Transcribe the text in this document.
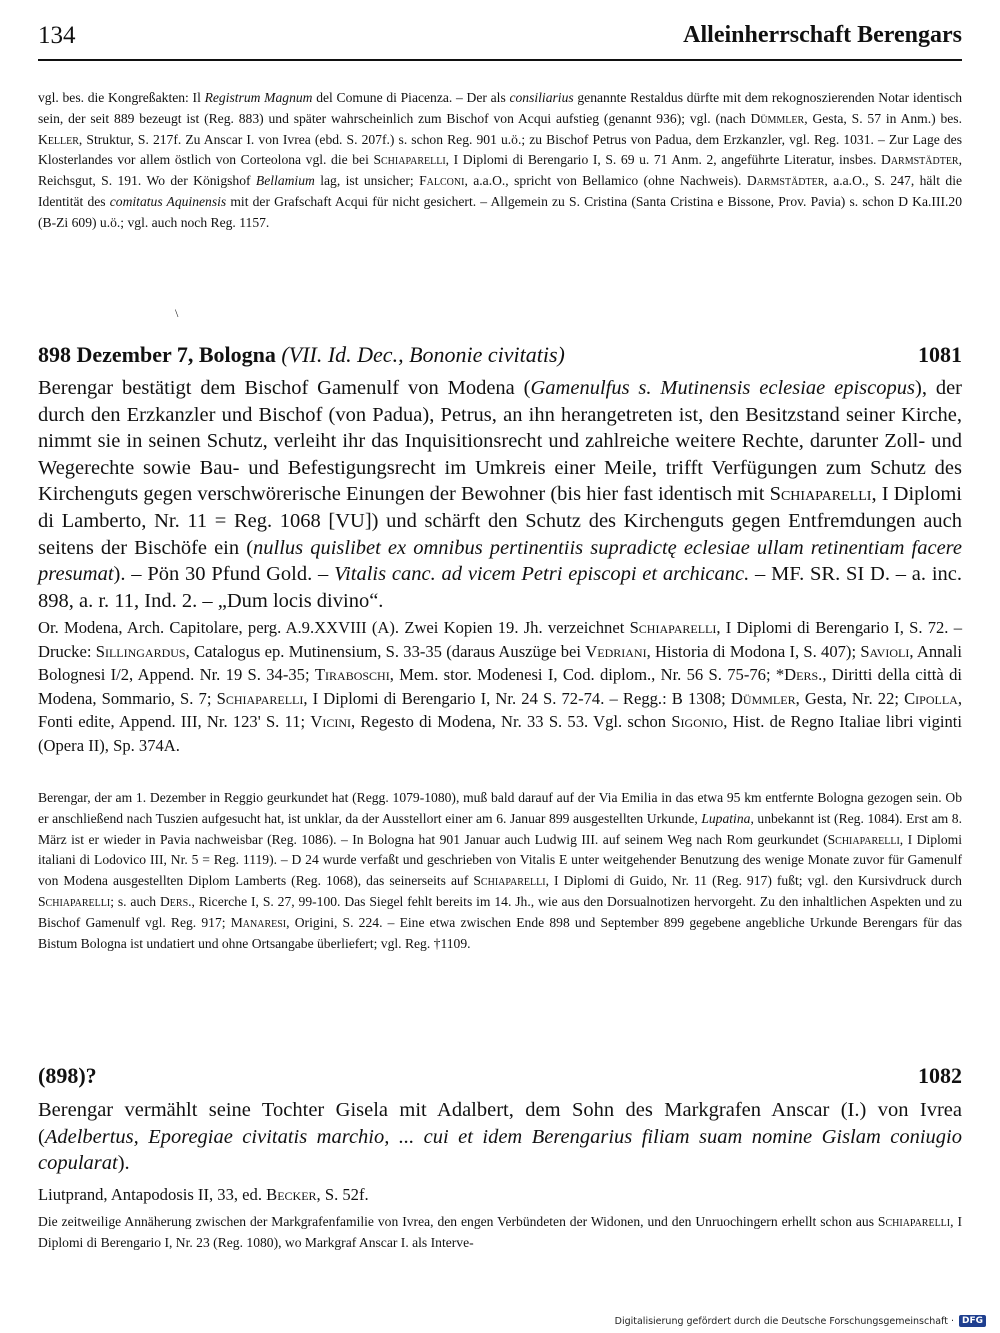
134	Alleinherrschaft Berengars

vgl. bes. die Kongreßakten: Il Registrum Magnum del Comune di Piacenza. – Der als consiliarius genannte Restaldus dürfte mit dem rekognoszierenden Notar identisch sein, der seit 889 bezeugt ist (Reg. 883) und später wahrscheinlich zum Bischof von Acqui aufstieg (genannt 936); vgl. (nach Dümmler, Gesta, S. 57 in Anm.) bes. Keller, Struktur, S. 217f. Zu Anscar I. von Ivrea (ebd. S. 207f.) s. schon Reg. 901 u.ö.; zu Bischof Petrus von Padua, dem Erzkanzler, vgl. Reg. 1031. – Zur Lage des Klosterlandes vor allem östlich von Corteolona vgl. die bei Schiaparelli, I Diplomi di Berengario I, S. 69 u. 71 Anm. 2, angeführte Literatur, insbes. Darmstädter, Reichsgut, S. 191. Wo der Königshof Bellamium lag, ist unsicher; Falconi, a.a.O., spricht von Bellamico (ohne Nachweis). Darmstädter, a.a.O., S. 247, hält die Identität des comitatus Aquinensis mit der Grafschaft Acqui für nicht gesichert. – Allgemein zu S. Cristina (Santa Cristina e Bissone, Prov. Pavia) s. schon D Ka.III.20 (B-Zi 609) u.ö.; vgl. auch noch Reg. 1157.

\
898 Dezember 7, Bologna (VII. Id. Dec., Bononie civitatis)	1081

Berengar bestätigt dem Bischof Gamenulf von Modena (Gamenulfus s. Mutinensis eclesiae episcopus), der durch den Erzkanzler und Bischof (von Padua), Petrus, an ihn herangetreten ist, den Besitzstand seiner Kirche, nimmt sie in seinen Schutz, verleiht ihr das Inquisitionsrecht und zahlreiche weitere Rechte, darunter Zoll- und Wegerechte sowie Bau- und Befestigungsrecht im Umkreis einer Meile, trifft Verfügungen zum Schutz des Kirchenguts gegen verschwörerische Einungen der Bewohner (bis hier fast identisch mit Schiaparelli, I Diplomi di Lamberto, Nr. 11 = Reg. 1068 [VU]) und schärft den Schutz des Kirchenguts gegen Entfremdungen auch seitens der Bischöfe ein (nullus quislibet ex omnibus pertinentiis supradictę eclesiae ullam retinentiam facere presumat). – Pön 30 Pfund Gold. – Vitalis canc. ad vicem Petri episcopi et archicanc. – MF. SR. SI D. – a. inc. 898, a. r. 11, Ind. 2. – „Dum locis divino“.

Or. Modena, Arch. Capitolare, perg. A.9.XXVIII (A). Zwei Kopien 19. Jh. verzeichnet Schiaparelli, I Diplomi di Berengario I, S. 72. – Drucke: Sillingardus, Catalogus ep. Mutinensium, S. 33-35 (daraus Auszüge bei Vedriani, Historia di Modona I, S. 407); Savioli, Annali Bolognesi I/2, Append. Nr. 19 S. 34-35; Tiraboschi, Mem. stor. Modenesi I, Cod. diplom., Nr. 56 S. 75-76; *Ders., Diritti della città di Modena, Sommario, S. 7; Schiaparelli, I Diplomi di Berengario I, Nr. 24 S. 72-74. – Regg.: B 1308; Dümmler, Gesta, Nr. 22; Cipolla, Fonti edite, Append. III, Nr. 123' S. 11; Vicini, Regesto di Modena, Nr. 33 S. 53. Vgl. schon Sigonio, Hist. de Regno Italiae libri viginti (Opera II), Sp. 374A.

Berengar, der am 1. Dezember in Reggio geurkundet hat (Regg. 1079-1080), muß bald darauf auf der Via Emilia in das etwa 95 km entfernte Bologna gezogen sein. Ob er anschließend nach Tuszien aufgesucht hat, ist unklar, da der Ausstellort einer am 6. Januar 899 ausgestellten Urkunde, Lupatina, unbekannt ist (Reg. 1084). Erst am 8. März ist er wieder in Pavia nachweisbar (Reg. 1086). – In Bologna hat 901 Januar auch Ludwig III. auf seinem Weg nach Rom geurkundet (Schiaparelli, I Diplomi italiani di Lodovico III, Nr. 5 = Reg. 1119). – D 24 wurde verfaßt und geschrieben von Vitalis E unter weitgehender Benutzung des wenige Monate zuvor für Gamenulf von Modena ausgestellten Diplom Lamberts (Reg. 1068), das seinerseits auf Schiaparelli, I Diplomi di Guido, Nr. 11 (Reg. 917) fußt; vgl. den Kursivdruck durch Schiaparelli; s. auch Ders., Ricerche I, S. 27, 99-100. Das Siegel fehlt bereits im 14. Jh., wie aus den Dorsualnotizen hervorgeht. Zu den inhaltlichen Aspekten und zu Bischof Gamenulf vgl. Reg. 917; Manaresi, Origini, S. 224. – Eine etwa zwischen Ende 898 und September 899 gegebene angebliche Urkunde Berengars für das Bistum Bologna ist undatiert und ohne Ortsangabe überliefert; vgl. Reg. †1109.

(898)?	1082

Berengar vermählt seine Tochter Gisela mit Adalbert, dem Sohn des Markgrafen Anscar (I.) von Ivrea (Adelbertus, Eporegiae civitatis marchio, ... cui et idem Berengarius filiam suam nomine Gislam coniugio copularat).

Liutprand, Antapodosis II, 33, ed. Becker, S. 52f.

Die zeitweilige Annäherung zwischen der Markgrafenfamilie von Ivrea, den engen Verbündeten der Widonen, und den Unruochingern erhellt schon aus Schiaparelli, I Diplomi di Berengario I, Nr. 23 (Reg. 1080), wo Markgraf Anscar I. als Interve-

Digitalisierung gefördert durch die Deutsche Forschungsgemeinschaft · DFG
